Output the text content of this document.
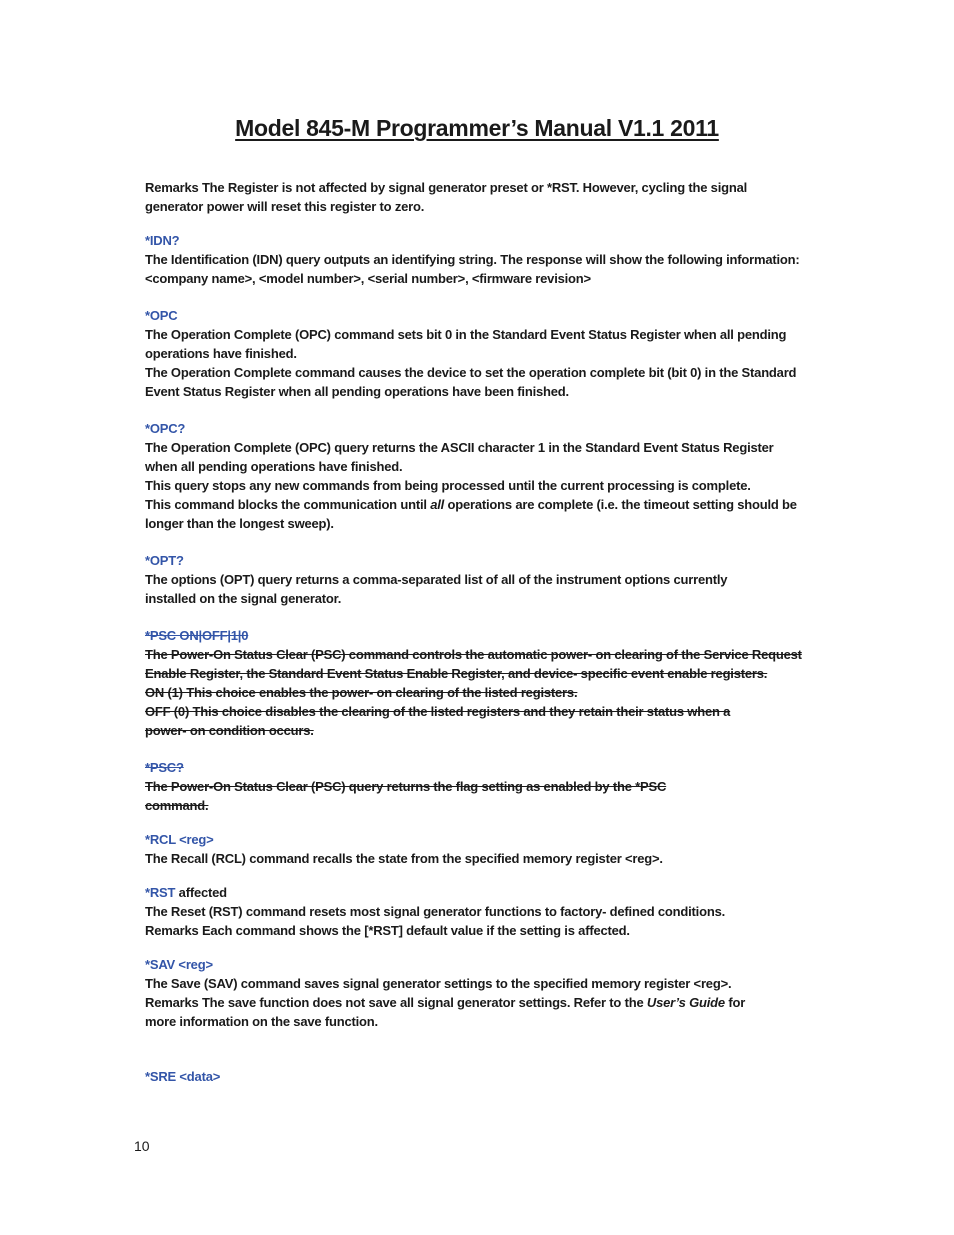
Model 845-M Programmer’s Manual V1.1 2011

Remarks The Register is not affected by signal generator preset or *RST. However, cycling the signal generator power will reset this register to zero.

*IDN?

The Identification (IDN) query outputs an identifying string. The response will show the following information: <company name>, <model number>, <serial number>, <firmware revision>

*OPC

The Operation Complete (OPC) command sets bit 0 in the Standard Event Status Register when all pending operations have finished.

The Operation Complete command causes the device to set the operation complete bit (bit 0) in the Standard Event Status Register when all pending operations have been finished.

*OPC?

The Operation Complete (OPC) query returns the ASCII character 1 in the Standard Event Status Register when all pending operations have finished.

This query stops any new commands from being processed until the current processing is complete.

This command blocks the communication until all operations are complete (i.e. the timeout setting should be longer than the longest sweep).

*OPT?

The options (OPT) query returns a comma-separated list of all of the instrument options currently installed on the signal generator.

*PSC ON|OFF|1|0

The Power-On Status Clear (PSC) command controls the automatic power- on clearing of the Service Request Enable Register, the Standard Event Status Enable Register, and device- specific event enable registers.

ON (1) This choice enables the power- on clearing of the listed registers.

OFF (0) This choice disables the clearing of the listed registers and they retain their status when a power- on condition occurs.

*PSC?

The Power-On Status Clear (PSC) query returns the flag setting as enabled by the *PSC command.

*RCL <reg>

The Recall (RCL) command recalls the state from the specified memory register <reg>.

*RST affected

The Reset (RST) command resets most signal generator functions to factory- defined conditions.

Remarks Each command shows the [*RST] default value if the setting is affected.

*SAV <reg>

The Save (SAV) command saves signal generator settings to the specified memory register <reg>.

Remarks The save function does not save all signal generator settings. Refer to the User’s Guide for more information on the save function.

*SRE <data>
10
